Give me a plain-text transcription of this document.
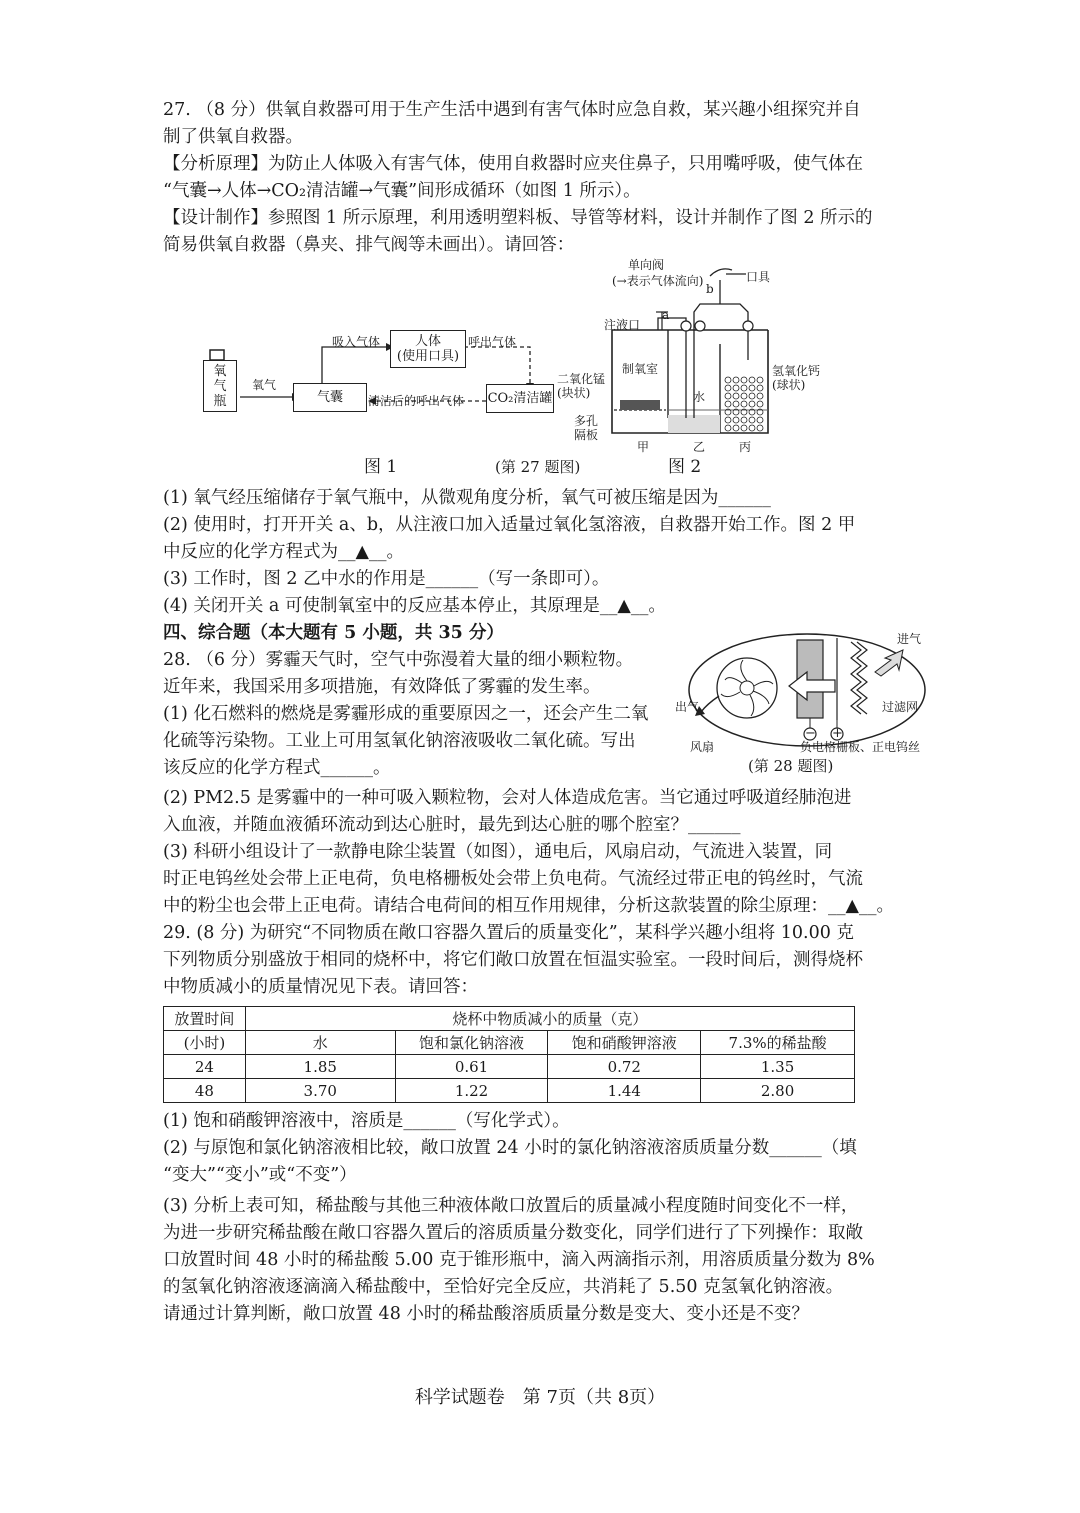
27. （8 分）供氧自救器可用于生产生活中遇到有害气体时应急自救，某兴趣小组探究并自
制了供氧自救器。
【分析原理】为防止人体吸入有害气体，使用自救器时应夹住鼻子，只用嘴呼吸，使气体在
“气囊→人体→CO₂清洁罐→气囊”间形成循环（如图 1 所示）。
【设计制作】参照图 1 所示原理，利用透明塑料板、导管等材料，设计并制作了图 2 所示的
简易供氧自救器（鼻夹、排气阀等未画出）。请回答：
氧
气
瓶
氧气
气囊
吸入气体	人体
(使用口具)
呼出气体
CO₂清洁罐
清洁后的呼出气体
图 1	(第 27 题图)
单向阀
(→表示气体流向)	口具
b
a
注液口
二氧化锰
(块状)
制氧室
水
氢氧化钙
(球状)
多孔
隔板
甲	乙	丙
图 2
(1) 氧气经压缩储存于氧气瓶中，从微观角度分析，氧气可被压缩是因为______
(2) 使用时，打开开关 a、b，从注液口加入适量过氧化氢溶液，自救器开始工作。图 2 甲
中反应的化学方程式为__▲__。
(3) 工作时，图 2 乙中水的作用是______（写一条即可）。
(4) 关闭开关 a 可使制氧室中的反应基本停止，其原理是__▲__。
四、综合题（本大题有 5 小题，共 35 分）
28. （6 分）雾霾天气时，空气中弥漫着大量的细小颗粒物。
近年来，我国采用多项措施，有效降低了雾霾的发生率。
(1) 化石燃料的燃烧是雾霾形成的重要原因之一，还会产生二氧
化硫等污染物。工业上可用氢氧化钠溶液吸收二氧化硫。写出
该反应的化学方程式______。
− +
进气
出气	过滤网
风扇	负电格栅板、正电钨丝
(第 28 题图)
(2) PM2.5 是雾霾中的一种可吸入颗粒物，会对人体造成危害。当它通过呼吸道经肺泡进
入血液，并随血液循环流动到达心脏时，最先到达心脏的哪个腔室？______
(3) 科研小组设计了一款静电除尘装置（如图），通电后，风扇启动，气流进入装置，同
时正电钨丝处会带上正电荷，负电格栅板处会带上负电荷。气流经过带正电的钨丝时，气流
中的粉尘也会带上正电荷。请结合电荷间的相互作用规律，分析这款装置的除尘原理：__▲__。
29. (8 分) 为研究“不同物质在敞口容器久置后的质量变化”，某科学兴趣小组将 10.00 克
下列物质分别盛放于相同的烧杯中，将它们敞口放置在恒温实验室。一段时间后，测得烧杯
中物质减小的质量情况见下表。请回答：
放置时间	烧杯中物质减小的质量（克）			
(小时)	水	饱和氯化钠溶液	饱和硝酸钾溶液	7.3%的稀盐酸
24	1.85	0.61	0.72	1.35
48	3.70	1.22	1.44	2.80
(1) 饱和硝酸钾溶液中，溶质是______（写化学式）。
(2) 与原饱和氯化钠溶液相比较，敞口放置 24 小时的氯化钠溶液溶质质量分数______（填
“变大”“变小”或“不变”）
(3) 分析上表可知，稀盐酸与其他三种液体敞口放置后的质量减小程度随时间变化不一样，
为进一步研究稀盐酸在敞口容器久置后的溶质质量分数变化，同学们进行了下列操作：取敞
口放置时间 48 小时的稀盐酸 5.00 克于锥形瓶中，滴入两滴指示剂，用溶质质量分数为 8%
的氢氧化钠溶液逐滴滴入稀盐酸中，至恰好完全反应，共消耗了 5.50 克氢氧化钠溶液。
请通过计算判断，敞口放置 48 小时的稀盐酸溶质质量分数是变大、变小还是不变？
科学试题卷　第 7页（共 8页）
